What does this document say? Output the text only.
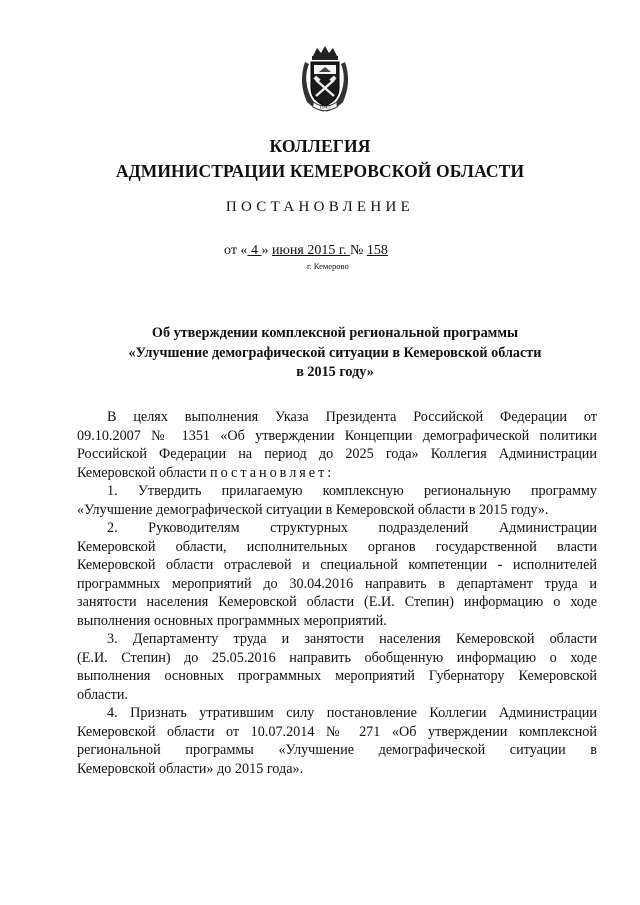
1943
КОЛЛЕГИЯ
АДМИНИСТРАЦИИ КЕМЕРОВСКОЙ ОБЛАСТИ
ПОСТАНОВЛЕНИЕ
от « 4 » июня 2015 г. № 158
г. Кемерово
Об утверждении комплексной региональной программы
«Улучшение демографической ситуации в Кемеровской области
в 2015 году»
В целях выполнения Указа Президента Российской Федерации от
09.10.2007 № 1351 «Об утверждении Концепции демографической политики
Российской Федерации на период до 2025 года» Коллегия Администрации
Кемеровской области постановляет:
1. Утвердить прилагаемую комплексную региональную программу
«Улучшение демографической ситуации в Кемеровской области в 2015 году».
2. Руководителям структурных подразделений Администрации
Кемеровской области, исполнительных органов государственной власти
Кемеровской области отраслевой и специальной компетенции - исполнителей
программных мероприятий до 30.04.2016 направить в департамент труда и
занятости населения Кемеровской области (Е.И. Степин) информацию о ходе
выполнения основных программных мероприятий.
3. Департаменту труда и занятости населения Кемеровской области
(Е.И. Степин) до 25.05.2016 направить обобщенную информацию о ходе
выполнения основных программных мероприятий Губернатору Кемеровской
области.
4. Признать утратившим силу постановление Коллегии Администрации
Кемеровской области от 10.07.2014 № 271 «Об утверждении комплексной
региональной программы «Улучшение демографической ситуации в
Кемеровской области» до 2015 года».
